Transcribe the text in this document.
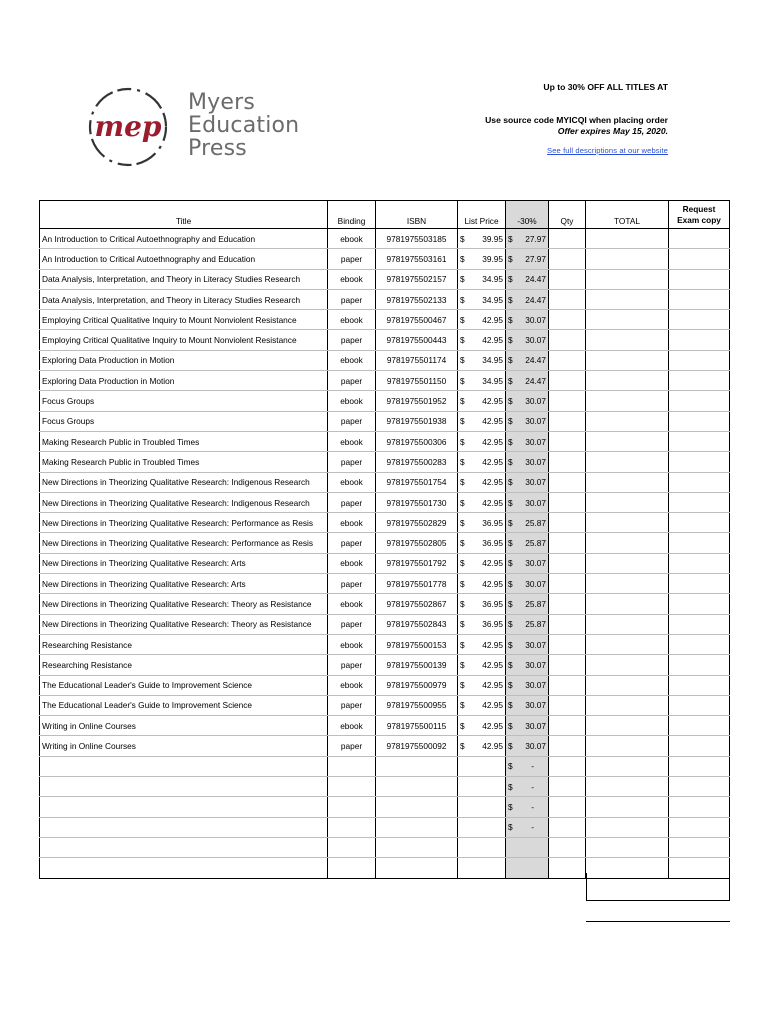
mep
Myers
Education
Press
Up to 30% OFF ALL TITLES AT
Use source code MYICQI when placing order
Offer expires May 15, 2020.
See full descriptions at our website
Title	Binding	ISBN	List Price	-30%	Qty	TOTAL	Request
Exam copy
An Introduction to Critical Autoethnography and Education	ebook	9781975503185	$ 39.95	$ 27.97			

An Introduction to Critical Autoethnography and Education	paper	9781975503161	$ 39.95	$ 27.97			

Data Analysis, Interpretation, and Theory in Literacy Studies Research	ebook	9781975502157	$ 34.95	$ 24.47			

Data Analysis, Interpretation, and Theory in Literacy Studies Research	paper	9781975502133	$ 34.95	$ 24.47			

Employing Critical Qualitative Inquiry to Mount Nonviolent Resistance	ebook	9781975500467	$ 42.95	$ 30.07			

Employing Critical Qualitative Inquiry to Mount Nonviolent Resistance	paper	9781975500443	$ 42.95	$ 30.07			

Exploring Data Production in Motion	ebook	9781975501174	$ 34.95	$ 24.47			

Exploring Data Production in Motion	paper	9781975501150	$ 34.95	$ 24.47			

Focus Groups	ebook	9781975501952	$ 42.95	$ 30.07			

Focus Groups	paper	9781975501938	$ 42.95	$ 30.07			

Making Research Public in Troubled Times	ebook	9781975500306	$ 42.95	$ 30.07			

Making Research Public in Troubled Times	paper	9781975500283	$ 42.95	$ 30.07			

New Directions in Theorizing Qualitative Research: Indigenous Research	ebook	9781975501754	$ 42.95	$ 30.07			

New Directions in Theorizing Qualitative Research: Indigenous Research	paper	9781975501730	$ 42.95	$ 30.07			

New Directions in Theorizing Qualitative Research: Performance as Resis	ebook	9781975502829	$ 36.95	$ 25.87			

New Directions in Theorizing Qualitative Research: Performance as Resis	paper	9781975502805	$ 36.95	$ 25.87			

New Directions in Theorizing Qualitative Research: Arts	ebook	9781975501792	$ 42.95	$ 30.07			

New Directions in Theorizing Qualitative Research: Arts	paper	9781975501778	$ 42.95	$ 30.07			

New Directions in Theorizing Qualitative Research: Theory as Resistance	ebook	9781975502867	$ 36.95	$ 25.87			

New Directions in Theorizing Qualitative Research: Theory as Resistance	paper	9781975502843	$ 36.95	$ 25.87			

Researching Resistance	ebook	9781975500153	$ 42.95	$ 30.07			

Researching Resistance	paper	9781975500139	$ 42.95	$ 30.07			

The Educational Leader's Guide to Improvement Science	ebook	9781975500979	$ 42.95	$ 30.07			

The Educational Leader's Guide to Improvement Science	paper	9781975500955	$ 42.95	$ 30.07			

Writing in Online Courses	ebook	9781975500115	$ 42.95	$ 30.07			

Writing in Online Courses	paper	9781975500092	$ 42.95	$ 30.07			

				$ -			

				$ -			

				$ -			

				$ -			
